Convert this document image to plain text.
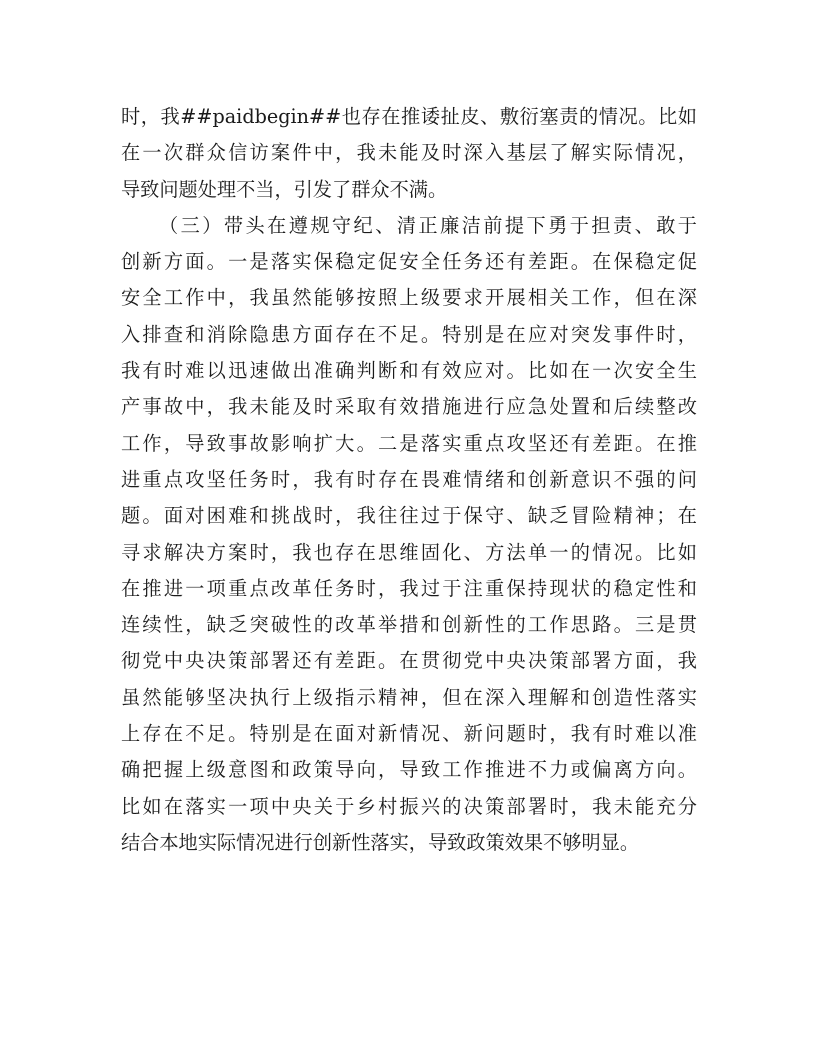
时，我##paidbegin##也存在推诿扯皮、敷衍塞责的情况。比如
在一次群众信访案件中，我未能及时深入基层了解实际情况，
导致问题处理不当，引发了群众不满。
（三）带头在遵规守纪、清正廉洁前提下勇于担责、敢于
创新方面。一是落实保稳定促安全任务还有差距。在保稳定促
安全工作中，我虽然能够按照上级要求开展相关工作，但在深
入排查和消除隐患方面存在不足。特别是在应对突发事件时，
我有时难以迅速做出准确判断和有效应对。比如在一次安全生
产事故中，我未能及时采取有效措施进行应急处置和后续整改
工作，导致事故影响扩大。二是落实重点攻坚还有差距。在推
进重点攻坚任务时，我有时存在畏难情绪和创新意识不强的问
题。面对困难和挑战时，我往往过于保守、缺乏冒险精神；在
寻求解决方案时，我也存在思维固化、方法单一的情况。比如
在推进一项重点改革任务时，我过于注重保持现状的稳定性和
连续性，缺乏突破性的改革举措和创新性的工作思路。三是贯
彻党中央决策部署还有差距。在贯彻党中央决策部署方面，我
虽然能够坚决执行上级指示精神，但在深入理解和创造性落实
上存在不足。特别是在面对新情况、新问题时，我有时难以准
确把握上级意图和政策导向，导致工作推进不力或偏离方向。
比如在落实一项中央关于乡村振兴的决策部署时，我未能充分
结合本地实际情况进行创新性落实，导致政策效果不够明显。
